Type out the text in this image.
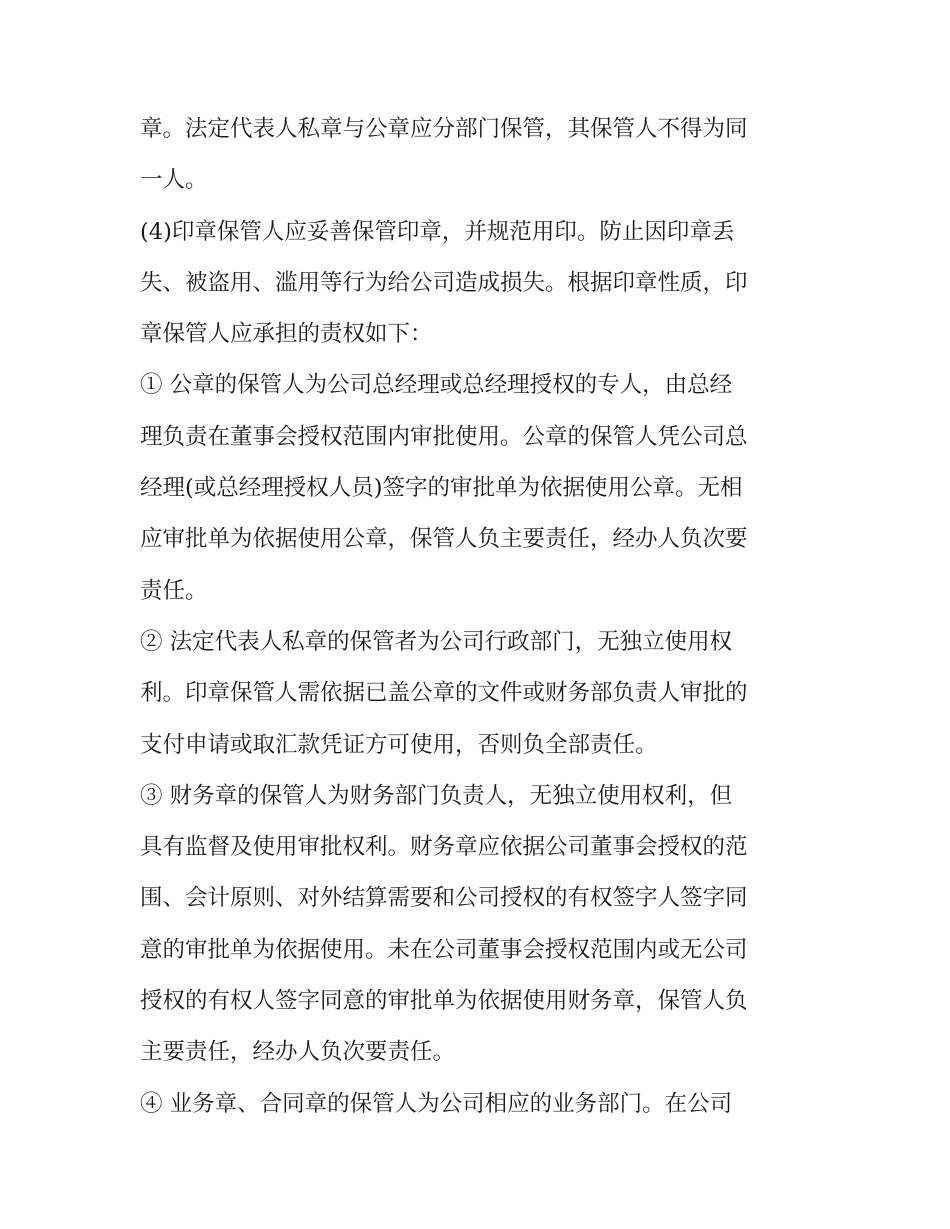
章。法定代表人私章与公章应分部门保管，其保管人不得为同
一人。
(4)印章保管人应妥善保管印章，并规范用印。防止因印章丢
失、被盗用、滥用等行为给公司造成损失。根据印章性质，印
章保管人应承担的责权如下：
① 公章的保管人为公司总经理或总经理授权的专人，由总经
理负责在董事会授权范围内审批使用。公章的保管人凭公司总
经理(或总经理授权人员)签字的审批单为依据使用公章。无相
应审批单为依据使用公章，保管人负主要责任，经办人负次要
责任。
② 法定代表人私章的保管者为公司行政部门，无独立使用权
利。印章保管人需依据已盖公章的文件或财务部负责人审批的
支付申请或取汇款凭证方可使用，否则负全部责任。
③ 财务章的保管人为财务部门负责人，无独立使用权利，但
具有监督及使用审批权利。财务章应依据公司董事会授权的范
围、会计原则、对外结算需要和公司授权的有权签字人签字同
意的审批单为依据使用。未在公司董事会授权范围内或无公司
授权的有权人签字同意的审批单为依据使用财务章，保管人负
主要责任，经办人负次要责任。
④ 业务章、合同章的保管人为公司相应的业务部门。在公司
